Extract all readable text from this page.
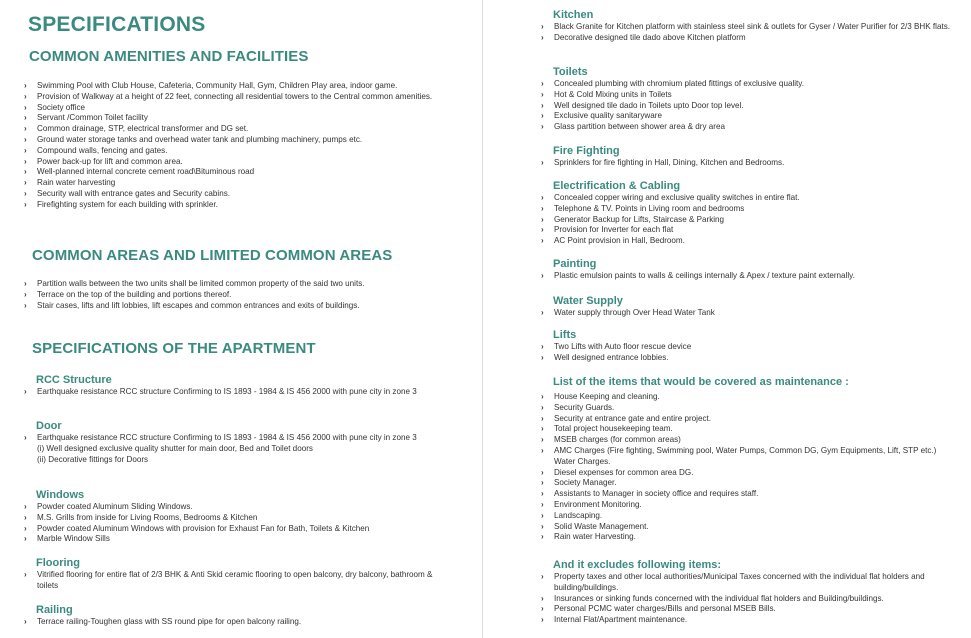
SPECIFICATIONS
COMMON AMENITIES AND FACILITIES
› Swimming Pool with Club House, Cafeteria, Community Hall, Gym, Children Play area, indoor game.
› Provision of Walkway at a height of 22 feet, connecting all residential towers to the Central common amenities.
› Society office
› Servant /Common Toilet facility
› Common drainage, STP, electrical transformer and DG set.
› Ground water storage tanks and overhead water tank and plumbing machinery, pumps etc.
› Compound walls, fencing and gates.
› Power back-up for lift and common area.
› Well-planned internal concrete cement road\Bituminous road
› Rain water harvesting
› Security wall with entrance gates and Security cabins.
› Firefighting system for each building with sprinkler.
COMMON AREAS AND LIMITED COMMON AREAS
› Partition walls between the two units shall be limited common property of the said two units.
› Terrace on the top of the building and portions thereof.
› Stair cases, lifts and lift lobbies, lift escapes and common entrances and exits of buildings.
SPECIFICATIONS OF THE APARTMENT
RCC Structure
› Earthquake resistance RCC structure Confirming to IS 1893 - 1984 & IS 456 2000 with pune city in zone 3
Door
› Earthquake resistance RCC structure Confirming to IS 1893 - 1984 & IS 456 2000 with pune city in zone 3
(i) Well designed exclusive quality shutter for main door, Bed and Toilet doors
(ii) Decorative fittings for Doors
Windows
› Powder coated Aluminum Sliding Windows.
› M.S. Grills from inside for Living Rooms, Bedrooms & Kitchen
› Powder coated Aluminum Windows with provision for Exhaust Fan for Bath, Toilets & Kitchen
› Marble Window Sills
Flooring
› Vitrified flooring for entire flat of 2/3 BHK & Anti Skid ceramic flooring to open balcony, dry balcony, bathroom & toilets
Railing
› Terrace railing-Toughen glass with SS round pipe for open balcony railing.
Kitchen
› Black Granite for Kitchen platform with stainless steel sink & outlets for Gyser / Water Purifier for 2/3 BHK flats.
› Decorative designed tile dado above Kitchen platform
Toilets
› Concealed plumbing with chromium plated fittings of exclusive quality.
› Hot & Cold Mixing units in Toilets
› Well designed tile dado in Toilets upto Door top level.
› Exclusive quality sanitaryware
› Glass partition between shower area & dry area
Fire Fighting
› Sprinklers for fire fighting in Hall, Dining, Kitchen and Bedrooms.
Electrification & Cabling
› Concealed copper wiring and exclusive quality switches in entire flat.
› Telephone & TV. Points in Living room and bedrooms
› Generator Backup for Lifts, Staircase & Parking
› Provision for Inverter for each flat
› AC Point provision in Hall, Bedroom.
Painting
› Plastic emulsion paints to walls & ceilings internally & Apex / texture paint externally.
Water Supply
› Water supply through Over Head Water Tank
Lifts
› Two Lifts with Auto floor rescue device
› Well designed entrance lobbies.
List of the items that would be covered as maintenance :
› House Keeping and cleaning.
› Security Guards.
› Security at entrance gate and entire project.
› Total project housekeeping team.
› MSEB charges (for common areas)
› AMC Charges (Fire fighting, Swimming pool, Water Pumps, Common DG, Gym Equipments, Lift, STP etc.) Water Charges.
› Diesel expenses for common area DG.
› Society Manager.
› Assistants to Manager in society office and requires staff.
› Environment Monitoring.
› Landscaping.
› Solid Waste Management.
› Rain water Harvesting.
And it excludes following items:
› Property taxes and other local authorities/Municipal Taxes concerned with the individual flat holders and building/buildings.
› Insurances or sinking funds concerned with the individual flat holders and Building/buildings.
› Personal PCMC water charges/Bills and personal MSEB Bills.
› Internal Flat/Apartment maintenance.
